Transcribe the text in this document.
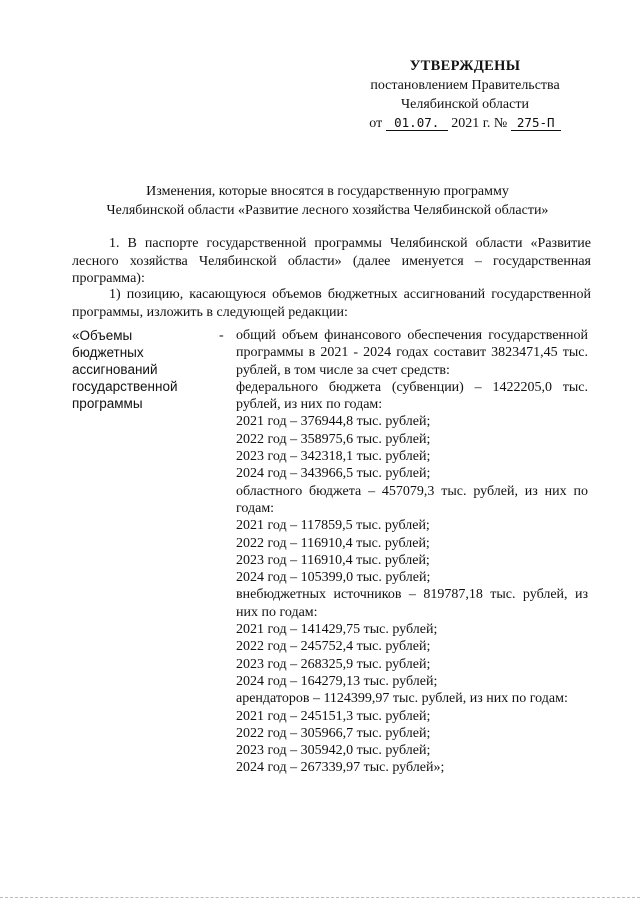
УТВЕРЖДЕНЫ
постановлением Правительства
Челябинской области
от 01.07. 2021 г. № 275-П
Изменения, которые вносятся в государственную программу
Челябинской области «Развитие лесного хозяйства Челябинской области»
1. В паспорте государственной программы Челябинской области «Развитие лесного хозяйства Челябинской области» (далее именуется – государственная программа):
1) позицию, касающуюся объемов бюджетных ассигнований государственной программы, изложить в следующей редакции:
«Объемы
бюджетных
ассигнований
государственной
программы
- общий объем финансового обеспечения государственной программы в 2021 - 2024 годах составит 3823471,45 тыс. рублей, в том числе за счет средств:
федерального бюджета (субвенции) – 1422205,0 тыс. рублей, из них по годам:
2021 год – 376944,8 тыс. рублей;
2022 год – 358975,6 тыс. рублей;
2023 год – 342318,1 тыс. рублей;
2024 год – 343966,5 тыс. рублей;
областного бюджета – 457079,3 тыс. рублей, из них по годам:
2021 год – 117859,5 тыс. рублей;
2022 год – 116910,4 тыс. рублей;
2023 год – 116910,4 тыс. рублей;
2024 год – 105399,0 тыс. рублей;
внебюджетных источников – 819787,18 тыс. рублей, из них по годам:
2021 год – 141429,75 тыс. рублей;
2022 год – 245752,4 тыс. рублей;
2023 год – 268325,9 тыс. рублей;
2024 год – 164279,13 тыс. рублей;
арендаторов – 1124399,97 тыс. рублей, из них по годам:
2021 год – 245151,3 тыс. рублей;
2022 год – 305966,7 тыс. рублей;
2023 год – 305942,0 тыс. рублей;
2024 год – 267339,97 тыс. рублей»;
